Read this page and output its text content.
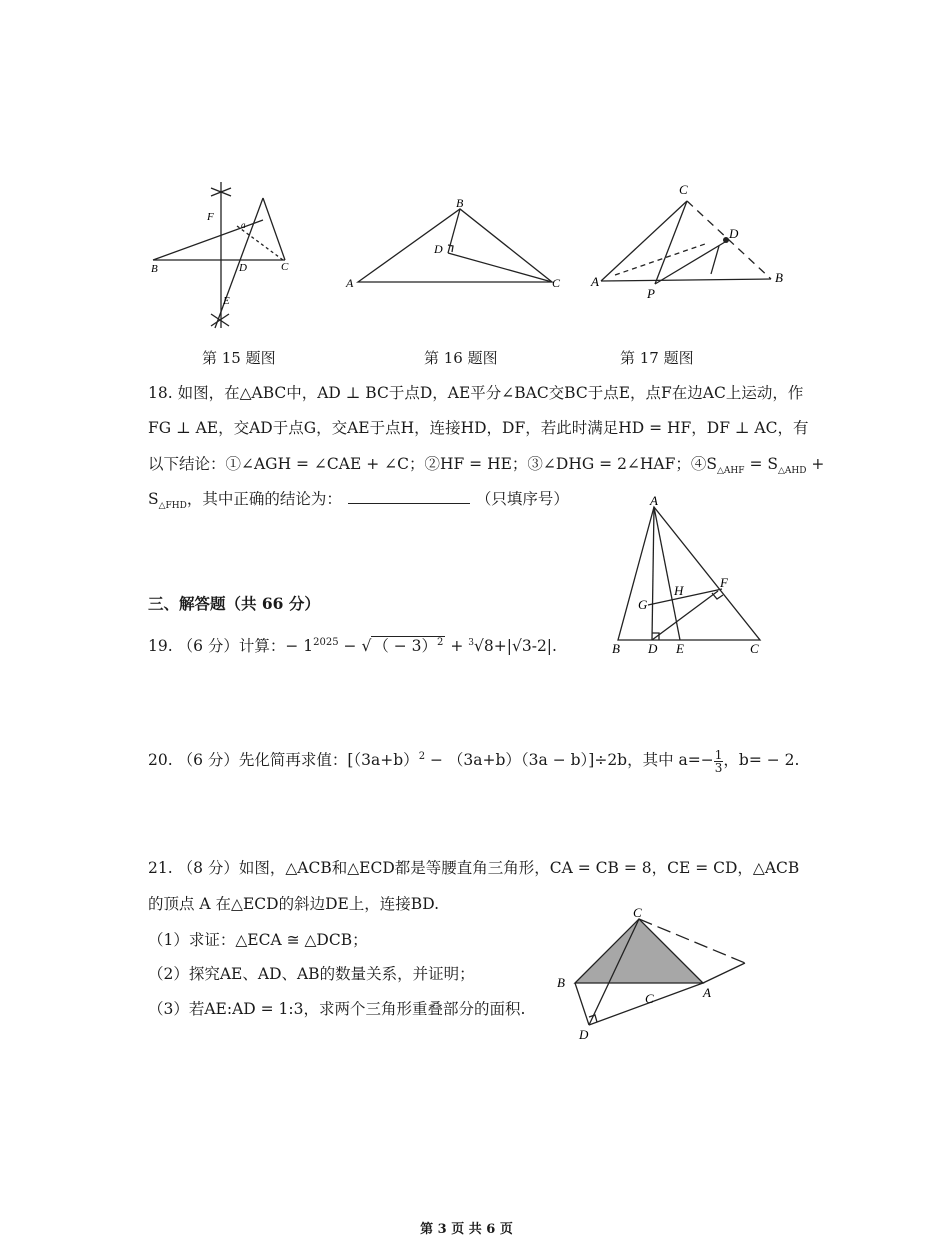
B	C
D
E
F
a
第 15 题图
A
B
C
D
第 16 题图
A	B
C
D
P
第 17 题图
18. 如图，在△ABC中，AD ⊥ BC于点D，AE平分∠BAC交BC于点E，点F在边AC上运动，作
FG ⊥ AE，交AD于点G，交AE于点H，连接HD，DF，若此时满足HD = HF，DF ⊥ AC，有
以下结论：①∠AGH = ∠CAE + ∠C；②HF = HE；③∠DHG = 2∠HAF；$④S_{\triangle AHF} = S_{\triangle AHD}$ +
$S_{\triangle FHD}$，其中正确的结论为：	（只填序号）	A
B D E	C
F
G
H
三、解答题（共 66 分）
19. （6 分）计算：− $1^{2025}$ − √ （ − 3）$^2$ + $^3$√8+|√3-2|.
20. （6 分）先化简再求值：$[(3a+b)^2 - (3a+b)(3a - b)]\div 2b$，其中 $a=- \frac{1}{3}$ ，b= − 2.
21. （8 分）如图，△ACB和△ECD都是等腰直角三角形，CA = CB = 8，CE = CD，△ACB
的顶点 A 在△ECD的斜边DE上，连接BD.
（1）求证：△ECA ≅ △DCB；
（2）探究AE、AD、AB的数量关系，并证明；
（3）若AE:AD = 1:3，求两个三角形重叠部分的面积.
C
B
A
D
C
第 3 页 共 6 页
